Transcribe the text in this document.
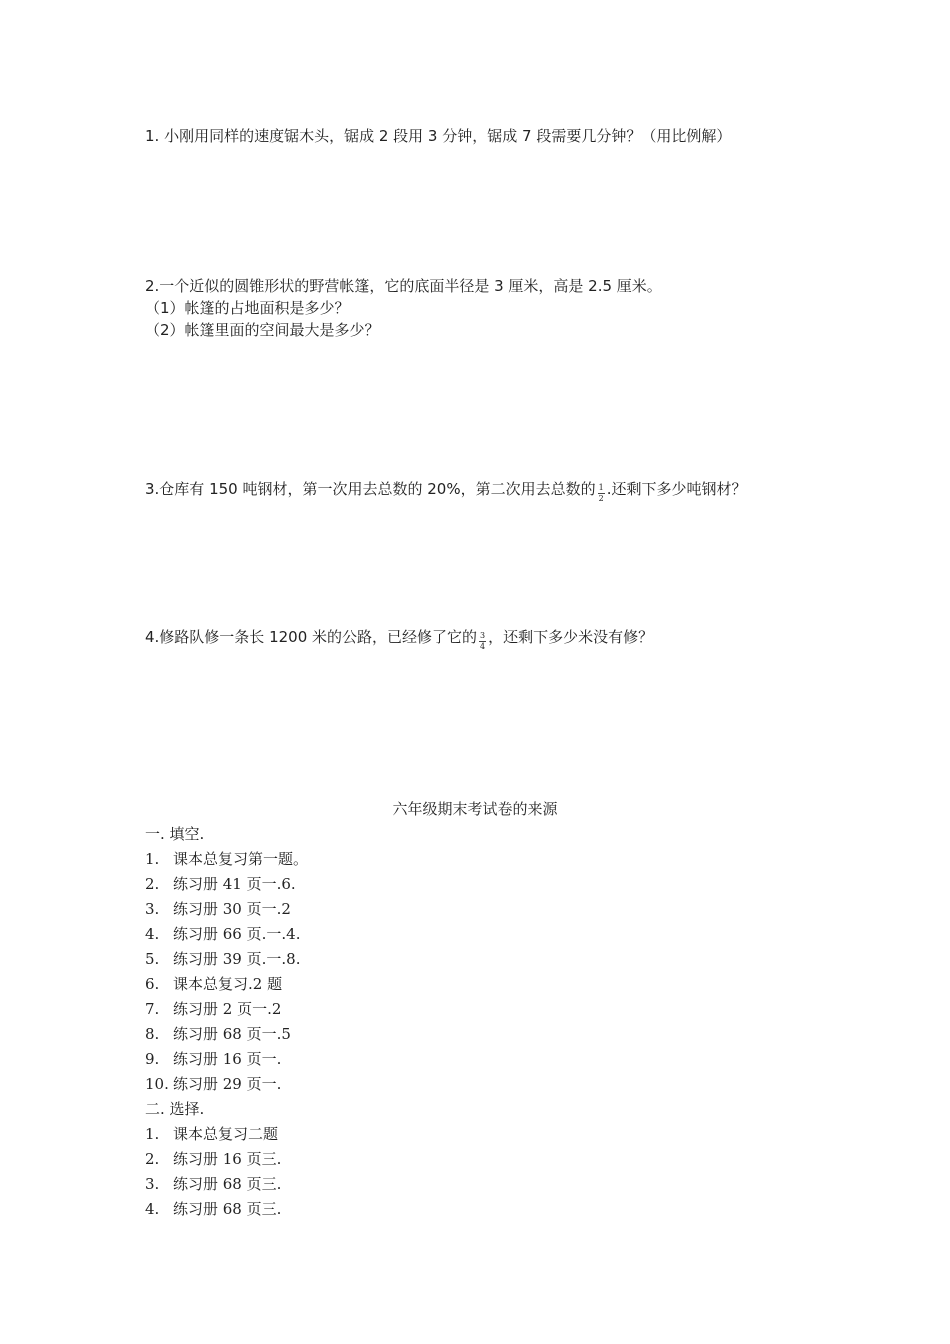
1. 小刚用同样的速度锯木头，锯成 2 段用 3 分钟，锯成 7 段需要几分钟？（用比例解）
2.一个近似的圆锥形状的野营帐篷，它的底面半径是 3 厘米，高是 2.5 厘米。
（1）帐篷的占地面积是多少？
（2）帐篷里面的空间最大是多少？
3.仓库有 150 吨钢材，第一次用去总数的 20%，第二次用去总数的 $\frac{1}{2}$ .还剩下多少吨钢材？
4.修路队修一条长 1200 米的公路，已经修了它的 $\frac{3}{4}$ ，还剩下多少米没有修？
六年级期末考试卷的来源
一. 填空.
1. 课本总复习第一题。
2. 练习册 41 页一.6.
3. 练习册 30 页一.2
4. 练习册 66 页.一.4.
5. 练习册 39 页.一.8.
6. 课本总复习.2 题
7. 练习册 2 页一.2
8. 练习册 68 页一.5
9. 练习册 16 页一.
10. 练习册 29 页一.
二. 选择.
1. 课本总复习二题
2. 练习册 16 页三.
3. 练习册 68 页三.
4. 练习册 68 页三.
